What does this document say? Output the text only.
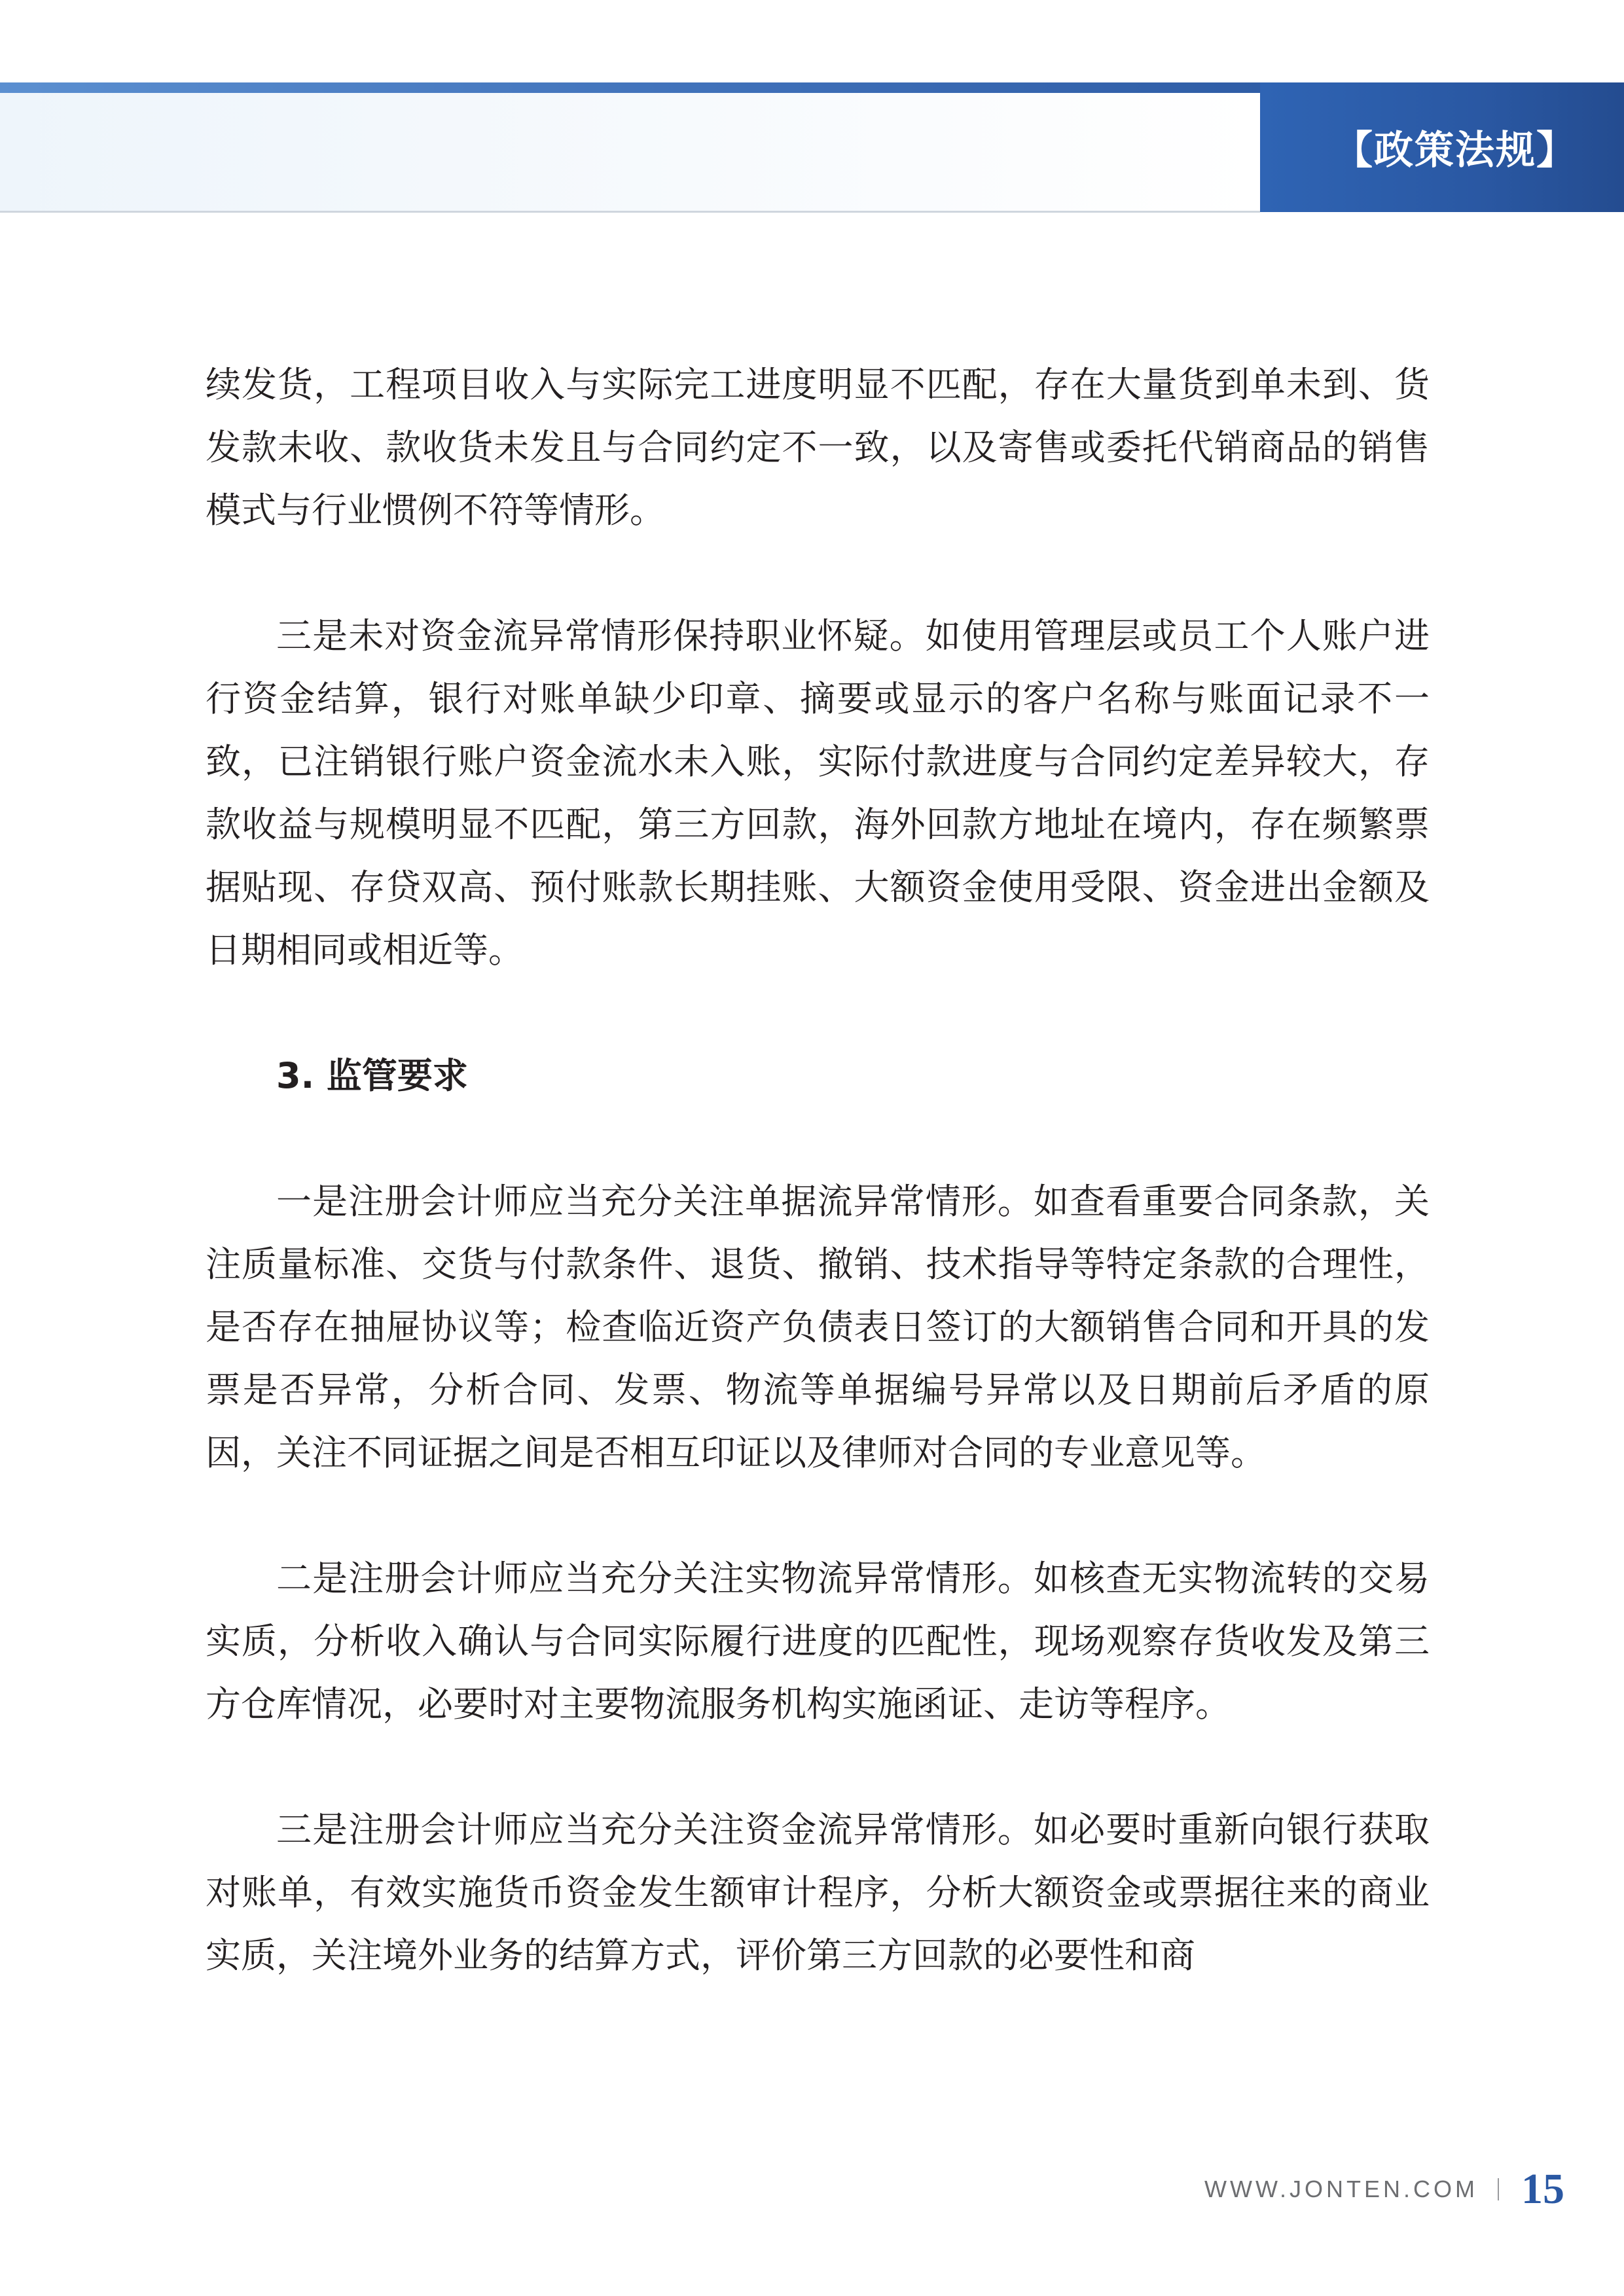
【政策法规】

续发货，工程项目收入与实际完工进度明显不匹配，存在大量货到单未到、货发款未收、款收货未发且与合同约定不一致，以及寄售或委托代销商品的销售模式与行业惯例不符等情形。

三是未对资金流异常情形保持职业怀疑。如使用管理层或员工个人账户进行资金结算，银行对账单缺少印章、摘要或显示的客户名称与账面记录不一致，已注销银行账户资金流水未入账，实际付款进度与合同约定差异较大，存款收益与规模明显不匹配，第三方回款，海外回款方地址在境内，存在频繁票据贴现、存贷双高、预付账款长期挂账、大额资金使用受限、资金进出金额及日期相同或相近等。

3. 监管要求

一是注册会计师应当充分关注单据流异常情形。如查看重要合同条款，关注质量标准、交货与付款条件、退货、撤销、技术指导等特定条款的合理性，是否存在抽屉协议等；检查临近资产负债表日签订的大额销售合同和开具的发票是否异常，分析合同、发票、物流等单据编号异常以及日期前后矛盾的原因，关注不同证据之间是否相互印证以及律师对合同的专业意见等。

二是注册会计师应当充分关注实物流异常情形。如核查无实物流转的交易实质，分析收入确认与合同实际履行进度的匹配性，现场观察存货收发及第三方仓库情况，必要时对主要物流服务机构实施函证、走访等程序。

三是注册会计师应当充分关注资金流异常情形。如必要时重新向银行获取对账单，有效实施货币资金发生额审计程序，分析大额资金或票据往来的商业实质，关注境外业务的结算方式，评价第三方回款的必要性和商

WWW.JONTEN.COM 15
